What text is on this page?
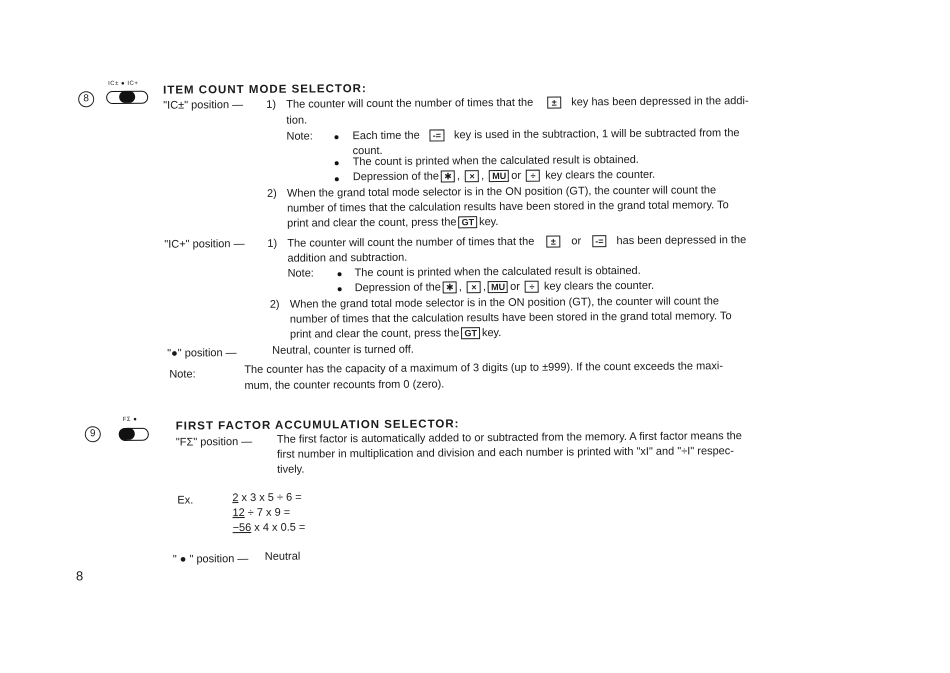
8
IC± ● IC+ ITEM COUNT MODE SELECTOR:
"IC±" position — 1) The counter will count the number of times that the ± key has been depressed in the addi-
tion.
Note:	Each time the -= key is used in the subtraction, 1 will be subtracted from the
count.
The count is printed when the calculated result is obtained.
Depression of the ✱ , × , MU or ÷ key clears the counter.
2) When the grand total mode selector is in the ON position (GT), the counter will count the
number of times that the calculation results have been stored in the grand total memory. To
print and clear the count, press the GT key.
"IC+" position — 1) The counter will count the number of times that the ± or -= has been depressed in the
addition and subtraction.
Note:	The count is printed when the calculated result is obtained.
Depression of the ✱ , × , MU or ÷ key clears the counter.
2) When the grand total mode selector is in the ON position (GT), the counter will count the
number of times that the calculation results have been stored in the grand total memory. To
print and clear the count, press the GT key.
"●" position —	Neutral, counter is turned off.
Note:	The counter has the capacity of a maximum of 3 digits (up to ±999). If the count exceeds the maxi-
mum, the counter recounts from 0 (zero).
9
FΣ ●	FIRST FACTOR ACCUMULATION SELECTOR:
"FΣ" position — The first factor is automatically added to or subtracted from the memory. A first factor means the
first number in multiplication and division and each number is printed with "xI" and "÷I" respec-
tively.
Ex.	2 x 3 x 5 ÷ 6 =
12 ÷ 7 x 9 =
−56 x 4 x 0.5 =
" ● " position — Neutral
8
